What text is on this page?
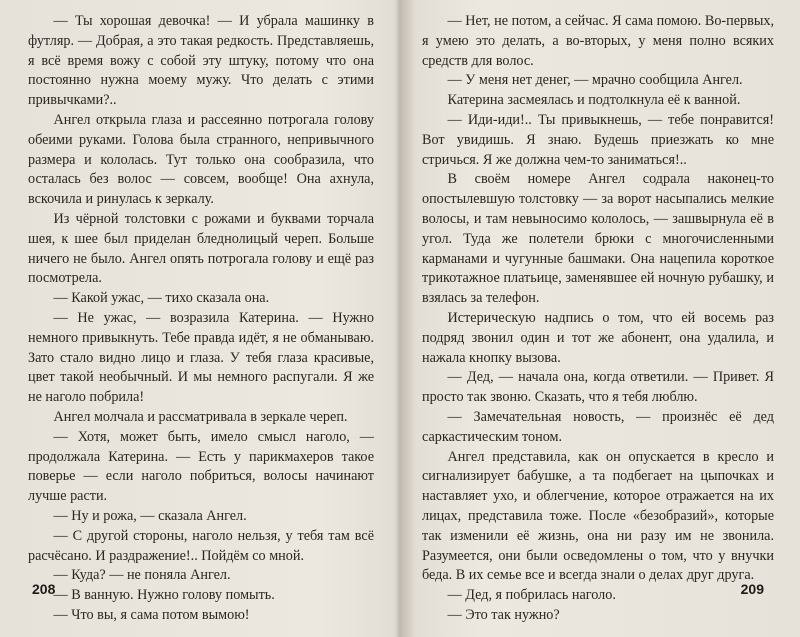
— Ты хорошая девочка! — И убрала машинку в футляр. — Добрая, а это такая редкость. Представляешь, я всё время вожу с собой эту штуку, потому что она постоянно нужна моему мужу. Что делать с этими привычками?..

Ангел открыла глаза и рассеянно потрогала голову обеими руками. Голова была странного, непривычного размера и кололась. Тут только она сообразила, что осталась без волос — совсем, вообще! Она ахнула, вскочила и ринулась к зеркалу.

Из чёрной толстовки с рожами и буквами торчала шея, к шее был приделан бледнолицый череп. Больше ничего не было. Ангел опять потрогала голову и ещё раз посмотрела.

— Какой ужас, — тихо сказала она.

— Не ужас, — возразила Катерина. — Нужно немного привыкнуть. Тебе правда идёт, я не обманываю. Зато стало видно лицо и глаза. У тебя глаза красивые, цвет такой необычный. И мы немного распугали. Я же не наголо побрила!

Ангел молчала и рассматривала в зеркале череп.

— Хотя, может быть, имело смысл наголо, — продолжала Катерина. — Есть у парикмахеров такое поверье — если наголо побриться, волосы начинают лучше расти.

— Ну и рожа, — сказала Ангел.

— С другой стороны, наголо нельзя, у тебя там всё расчёсано. И раздражение!.. Пойдём со мной.

— Куда? — не поняла Ангел.

— В ванную. Нужно голову помыть.

— Что вы, я сама потом вымою!

208

— Нет, не потом, а сейчас. Я сама помою. Во-первых, я умею это делать, а во-вторых, у меня полно всяких средств для волос.

— У меня нет денег, — мрачно сообщила Ангел.

Катерина засмеялась и подтолкнула её к ванной.

— Иди-иди!.. Ты привыкнешь, — тебе понравится! Вот увидишь. Я знаю. Будешь приезжать ко мне стричься. Я же должна чем-то заниматься!..

В своём номере Ангел содрала наконец-то опостылевшую толстовку — за ворот насыпались мелкие волосы, и там невыносимо кололось, — зашвырнула её в угол. Туда же полетели брюки с многочисленными карманами и чугунные башмаки. Она нацепила короткое трикотажное платьице, заменявшее ей ночную рубашку, и взялась за телефон.

Истерическую надпись о том, что ей восемь раз подряд звонил один и тот же абонент, она удалила, и нажала кнопку вызова.

— Дед, — начала она, когда ответили. — Привет. Я просто так звоню. Сказать, что я тебя люблю.

— Замечательная новость, — произнёс её дед саркастическим тоном.

Ангел представила, как он опускается в кресло и сигнализирует бабушке, а та подбегает на цыпочках и наставляет ухо, и облегчение, которое отражается на их лицах, представила тоже. После «безобразий», которые так изменили её жизнь, она ни разу им не звонила. Разумеется, они были осведомлены о том, что у внучки беда. В их семье все и всегда знали о делах друг друга.

— Дед, я побрилась наголо.

— Это так нужно?

209
